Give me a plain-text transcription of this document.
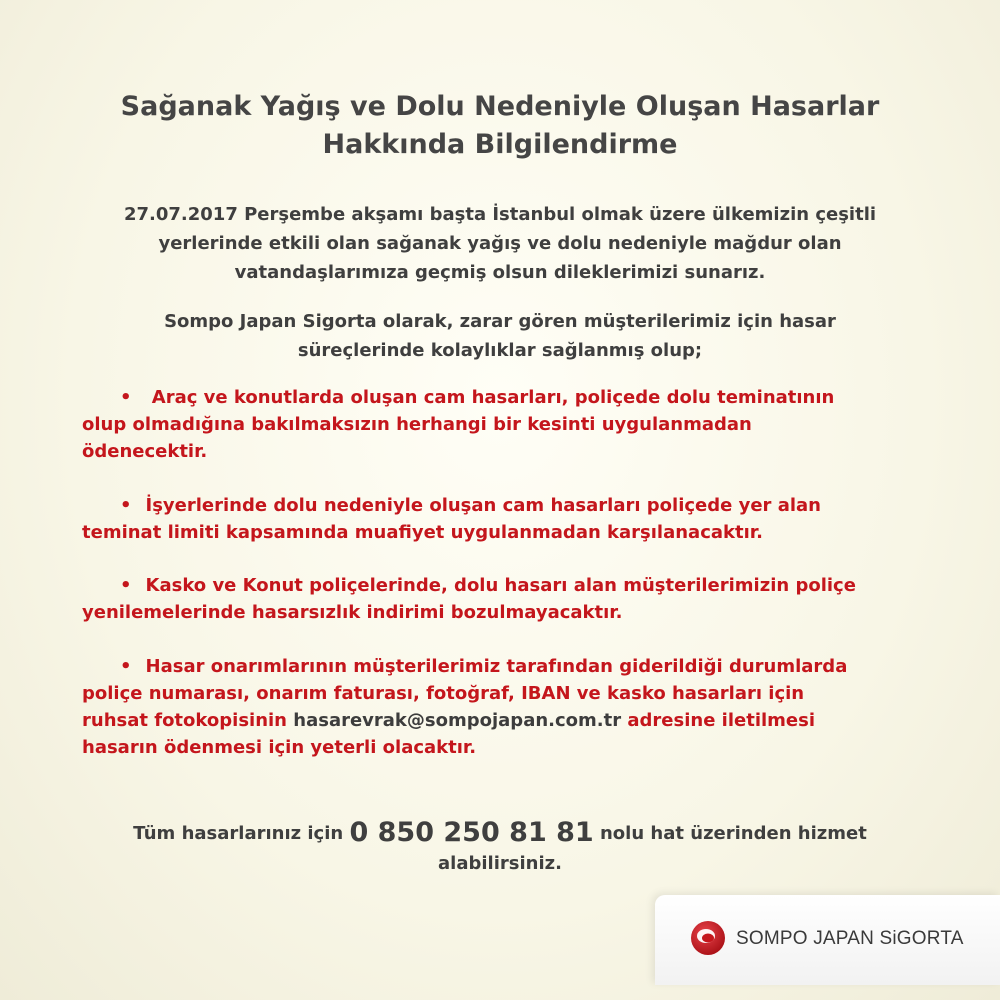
Sağanak Yağış ve Dolu Nedeniyle Oluşan Hasarlar
Hakkında Bilgilendirme
27.07.2017 Perşembe akşamı başta İstanbul olmak üzere ülkemizin çeşitli
yerlerinde etkili olan sağanak yağış ve dolu nedeniyle mağdur olan
vatandaşlarımıza geçmiş olsun dileklerimizi sunarız.
Sompo Japan Sigorta olarak, zarar gören müşterilerimiz için hasar
süreçlerinde kolaylıklar sağlanmış olup;
• Araç ve konutlarda oluşan cam hasarları, poliçede dolu teminatının
olup olmadığına bakılmaksızın herhangi bir kesinti uygulanmadan
ödenecektir.
• İşyerlerinde dolu nedeniyle oluşan cam hasarları poliçede yer alan
teminat limiti kapsamında muafiyet uygulanmadan karşılanacaktır.
• Kasko ve Konut poliçelerinde, dolu hasarı alan müşterilerimizin poliçe
yenilemelerinde hasarsızlık indirimi bozulmayacaktır.
• Hasar onarımlarının müşterilerimiz tarafından giderildiği durumlarda
poliçe numarası, onarım faturası, fotoğraf, IBAN ve kasko hasarları için
ruhsat fotokopisinin hasarevrak@sompojapan.com.tr adresine iletilmesi
hasarın ödenmesi için yeterli olacaktır.
Tüm hasarlarınız için 0 850 250 81 81 nolu hat üzerinden hizmet
alabilirsiniz.
SOMPO JAPAN SiGORTA
